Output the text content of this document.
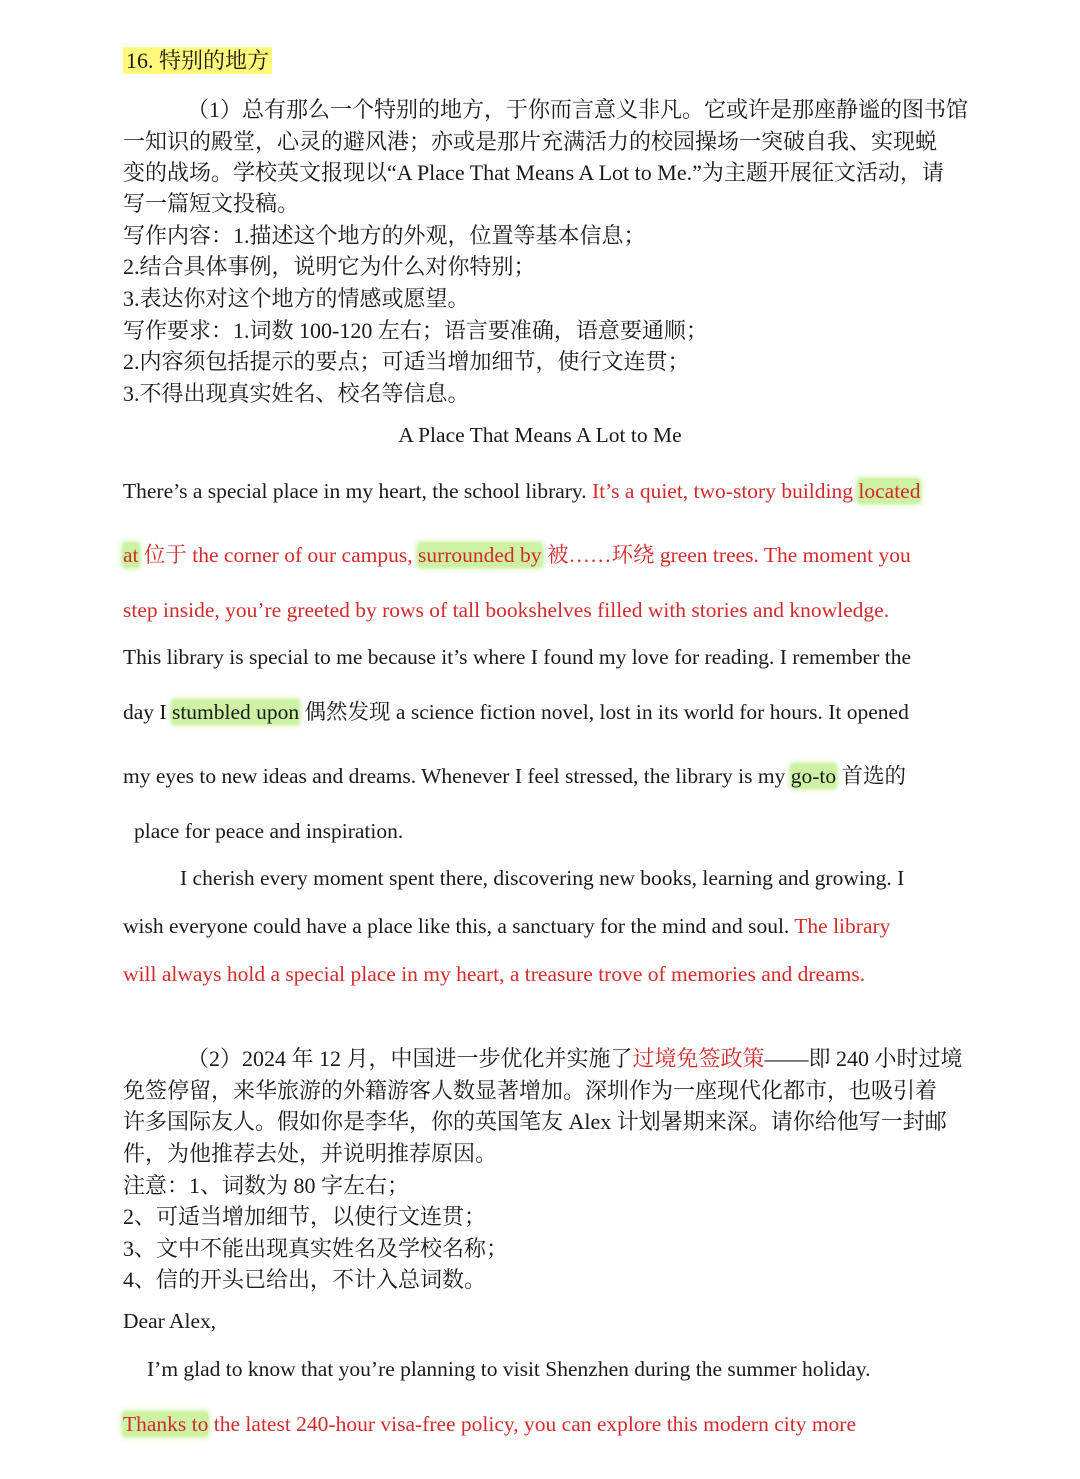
16. 特别的地方
（1）总有那么一个特别的地方，于你而言意义非凡。它或许是那座静谧的图书馆
一知识的殿堂，心灵的避风港；亦或是那片充满活力的校园操场一突破自我、实现蜕
变的战场。学校英文报现以“A Place That Means A Lot to Me.”为主题开展征文活动，请
写一篇短文投稿。
写作内容：1.描述这个地方的外观，位置等基本信息；
2.结合具体事例，说明它为什么对你特别；
3.表达你对这个地方的情感或愿望。
写作要求：1.词数 100-120 左右；语言要准确，语意要通顺；
2.内容须包括提示的要点；可适当增加细节，使行文连贯；
3.不得出现真实姓名、校名等信息。
A Place That Means A Lot to Me
There’s a special place in my heart, the school library. It’s a quiet, two-story building located
at 位于 the corner of our campus, surrounded by 被……环绕 green trees. The moment you
step inside, you’re greeted by rows of tall bookshelves filled with stories and knowledge.
This library is special to me because it’s where I found my love for reading. I remember the
day I stumbled upon 偶然发现 a science fiction novel, lost in its world for hours. It opened
my eyes to new ideas and dreams. Whenever I feel stressed, the library is my go-to 首选的
place for peace and inspiration.
I cherish every moment spent there, discovering new books, learning and growing. I
wish everyone could have a place like this, a sanctuary for the mind and soul. The library
will always hold a special place in my heart, a treasure trove of memories and dreams.
（2）2024 年 12 月，中国进一步优化并实施了过境免签政策——即 240 小时过境
免签停留，来华旅游的外籍游客人数显著增加。深圳作为一座现代化都市，也吸引着
许多国际友人。假如你是李华，你的英国笔友 Alex 计划暑期来深。请你给他写一封邮
件，为他推荐去处，并说明推荐原因。
注意：1、词数为 80 字左右；
2、可适当增加细节，以使行文连贯；
3、文中不能出现真实姓名及学校名称；
4、信的开头已给出，不计入总词数。
Dear Alex,
I’m glad to know that you’re planning to visit Shenzhen during the summer holiday.
Thanks to the latest 240-hour visa-free policy, you can explore this modern city more
